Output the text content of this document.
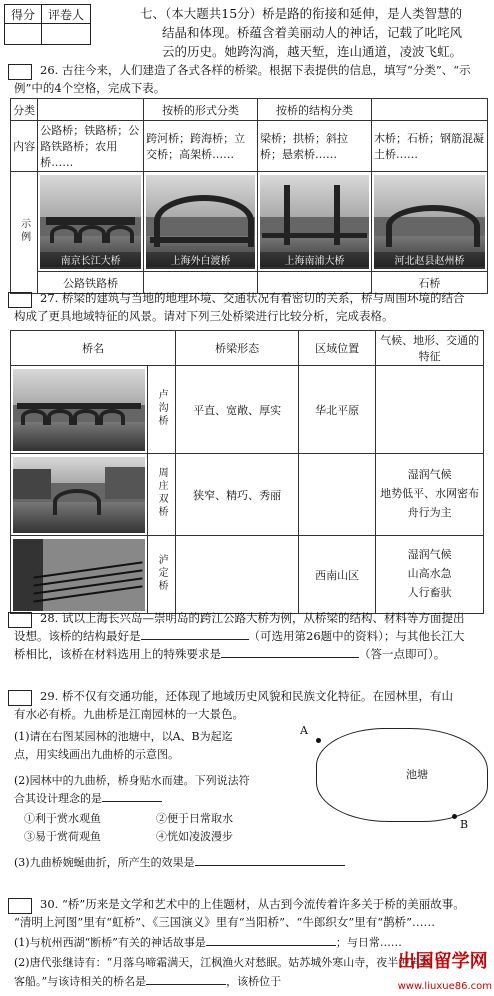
得分	评卷人
		七、（本大题共15分）桥是路的衔接和延伸，是人类智慧的
结晶和体现。桥蕴含着美丽动人的神话，记载了叱咤风
云的历史。她跨沟淌，越天堑，连山通道，凌波飞虹。
26. 古往今来，人们建造了各式各样的桥梁。根据下表提供的信息，填写“分类”、“示
例”中的4个空格，完成下表。
分类		按桥的形式分类	按桥的结构分类	
内容	公路桥；铁路桥；公路铁路桥；农用桥……	跨河桥；跨海桥；立交桥；高架桥……	梁桥；拱桥；斜拉桥；悬索桥……	木桥；石桥；钢筋混凝土桥……
示例	南京长江大桥	上海外白渡桥	上海南浦大桥	河北赵县赵州桥

	公路铁路桥			石桥
27. 桥梁的建筑与当地的地理环境、交通状况有着密切的关系，桥与周围环境的结合
构成了更具地域特征的风景。请对下列三处桥梁进行比较分析，完成表格。
桥名		桥梁形态	区域位置	气候、地形、交通的特征

	卢沟桥	平直、宽敞、厚实	华北平原	

	周庄双桥	狭窄、精巧、秀丽		湿润气候
地势低平、水网密布
舟行为主

	泸定桥		西南山区	湿润气候
山高水急
人行畜驮
28. 试以上海长兴岛—崇明岛的跨江公路大桥为例，从桥梁的结构、材料等方面提出
设想。该桥的结构最好是	（可选用第26题中的资料）；与其他长江大
桥相比，该桥在材料选用上的特殊要求是	（答一点即可）。
29. 桥不仅有交通功能，还体现了地域历史风貌和民族文化特征。在园林里，有山
有水必有桥。九曲桥是江南园林的一大景色。
(1)请在右图某园林的池塘中，以A、B为起迄
点，用实线画出九曲桥的示意图。
(2)园林中的九曲桥，桥身贴水而建。下列说法符
合其设计理念的是
①利于赏水观鱼	②便于日常取水
③易于赏荷观鱼	④恍如凌波漫步
(3)九曲桥婉蜒曲折，所产生的效果是
池塘
A
B
30. “桥”历来是文学和艺术中的上佳题材，从古到今流传着许多关于桥的美丽故事。
“清明上河图”里有“虹桥”、《三国演义》里有“当阳桥”、“牛郎织女”里有“鹊桥”……
(1)与杭州西湖“断桥”有关的神话故事是	；与日常……
(2)唐代张继诗有：“月落乌啼霜满天，江枫渔火对愁眠。姑苏城外寒山寺，夜半钟声到
客船。”与该诗相关的桥名是	，该桥位于
出国留学网
www.liuxue86.com
